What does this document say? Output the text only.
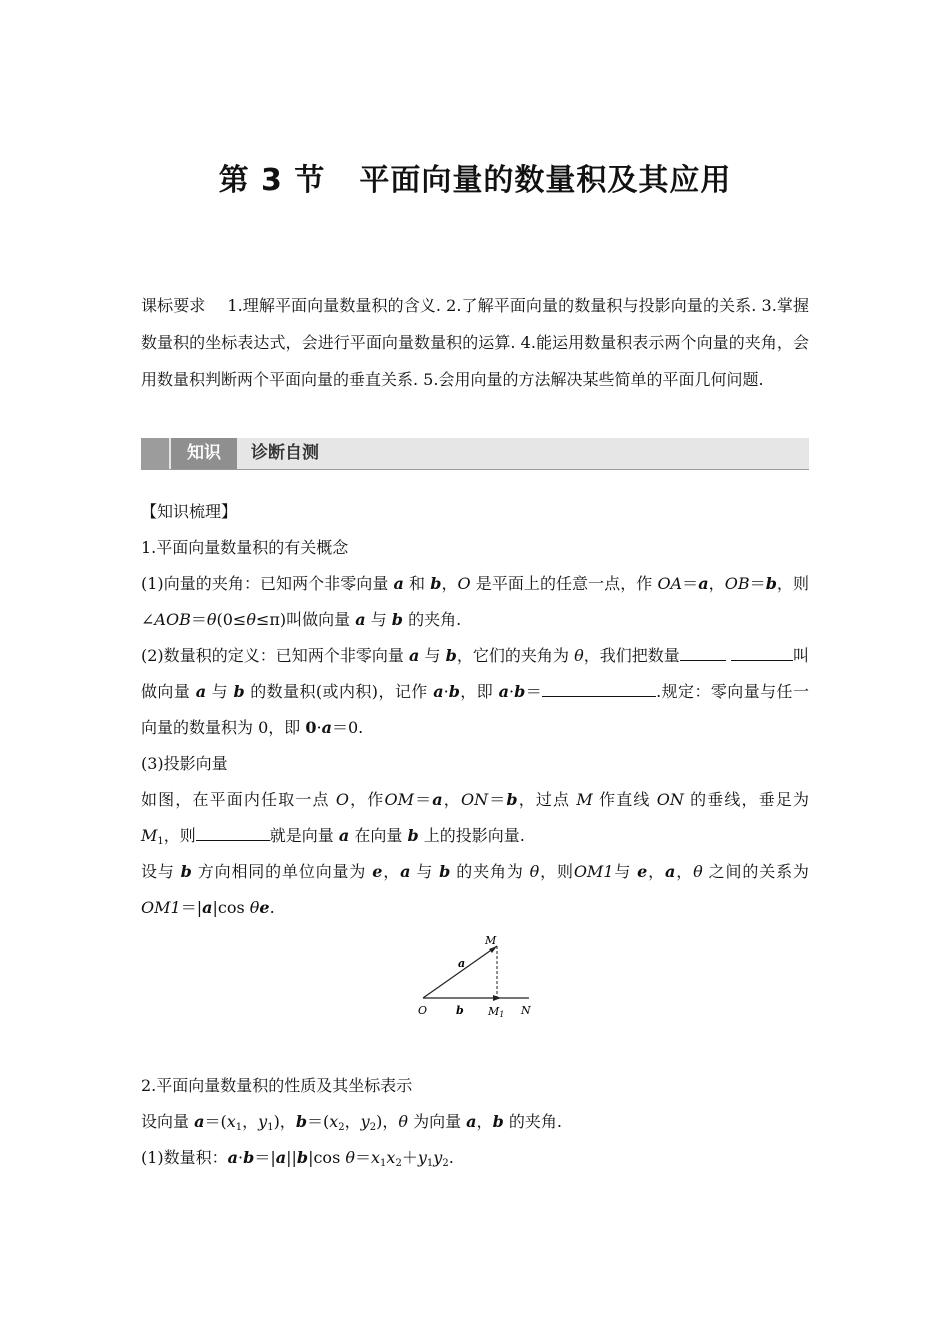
第 3 节 平面向量的数量积及其应用

课标要求 1.理解平面向量数量积的含义. 2.了解平面向量的数量积与投影向量的关系. 3.掌握数量积的坐标表达式，会进行平面向量数量积的运算. 4.能运用数量积表示两个向量的夹角，会用数量积判断两个平面向量的垂直关系. 5.会用向量的方法解决某些简单的平面几何问题.

知识	诊断自测

【知识梳理】

1.平面向量数量积的有关概念

(1)向量的夹角：已知两个非零向量 a 和 b，O 是平面上的任意一点，作 OA＝a，OB＝b，则∠AOB＝θ(0≤θ≤π)叫做向量 a 与 b 的夹角.

(2)数量积的定义：已知两个非零向量 a 与 b，它们的夹角为 θ，我们把数量	叫做向量 a 与 b 的数量积(或内积)，记作 a·b，即 a·b＝	.规定：零向量与任一向量的数量积为 0，即 0·a＝0.

(3)投影向量

如图，在平面内任取一点 O，作OM＝a，ON＝b，过点 M 作直线 ON 的垂线，垂足为 $M_1$，则	就是向量 a 在向量 b 上的投影向量.

设与 b 方向相同的单位向量为 e，a 与 b 的夹角为 θ，则OM1与 e，a，θ 之间的关系为OM1＝|a|cos θe.

M
a
O	b M1 N

2.平面向量数量积的性质及其坐标表示

设向量 $a=(x_1$，$y_1$)，$b=(x_2$，$y_2$)，θ 为向量 a，b 的夹角.

(1)数量积：a·b＝|a||b|cos $\theta=x_1x_2+y_1y_2$.
